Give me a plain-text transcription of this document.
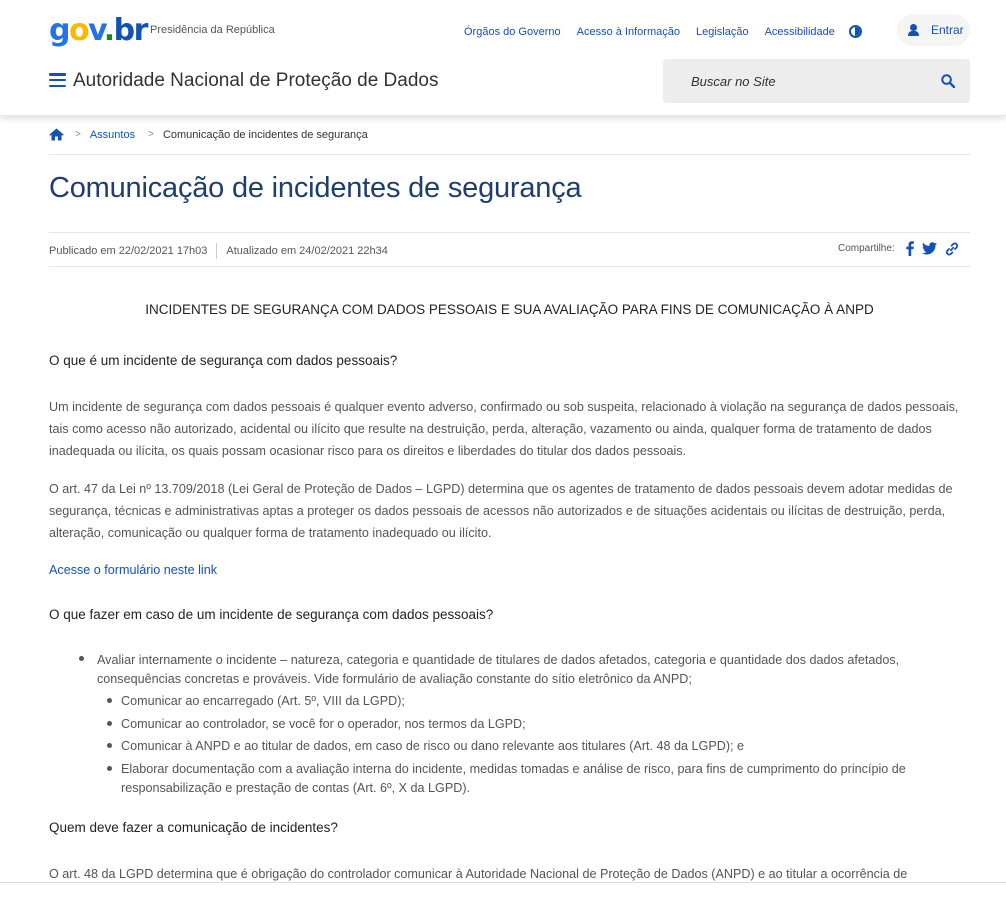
gov.br Presidência da República	Órgãos do Governo Acesso à Informação Legislação Acessibilidade	Entrar
Autoridade Nacional de Proteção de Dados
Buscar no Site
> Assuntos > Comunicação de incidentes de segurança
Comunicação de incidentes de segurança
Publicado em 22/02/2021 17h03 Atualizado em 24/02/2021 22h34	Compartilhe:
INCIDENTES DE SEGURANÇA COM DADOS PESSOAIS E SUA AVALIAÇÃO PARA FINS DE COMUNICAÇÃO À ANPD
O que é um incidente de segurança com dados pessoais?
Um incidente de segurança com dados pessoais é qualquer evento adverso, confirmado ou sob suspeita, relacionado à violação na segurança de dados pessoais, tais como acesso não autorizado, acidental ou ilícito que resulte na destruição, perda, alteração, vazamento ou ainda, qualquer forma de tratamento de dados inadequada ou ilícita, os quais possam ocasionar risco para os direitos e liberdades do titular dos dados pessoais.
O art. 47 da Lei nº 13.709/2018 (Lei Geral de Proteção de Dados – LGPD) determina que os agentes de tratamento de dados pessoais devem adotar medidas de segurança, técnicas e administrativas aptas a proteger os dados pessoais de acessos não autorizados e de situações acidentais ou ilícitas de destruição, perda, alteração, comunicação ou qualquer forma de tratamento inadequado ou ilícito.
Acesse o formulário neste link
O que fazer em caso de um incidente de segurança com dados pessoais?
Avaliar internamente o incidente – natureza, categoria e quantidade de titulares de dados afetados, categoria e quantidade dos dados afetados, consequências concretas e prováveis. Vide formulário de avaliação constante do sítio eletrônico da ANPD;
Comunicar ao encarregado (Art. 5º, VIII da LGPD);
Comunicar ao controlador, se você for o operador, nos termos da LGPD;
Comunicar à ANPD e ao titular de dados, em caso de risco ou dano relevante aos titulares (Art. 48 da LGPD); e
Elaborar documentação com a avaliação interna do incidente, medidas tomadas e análise de risco, para fins de cumprimento do princípio de responsabilização e prestação de contas (Art. 6º, X da LGPD).
Quem deve fazer a comunicação de incidentes?
O art. 48 da LGPD determina que é obrigação do controlador comunicar à Autoridade Nacional de Proteção de Dados (ANPD) e ao titular a ocorrência de
